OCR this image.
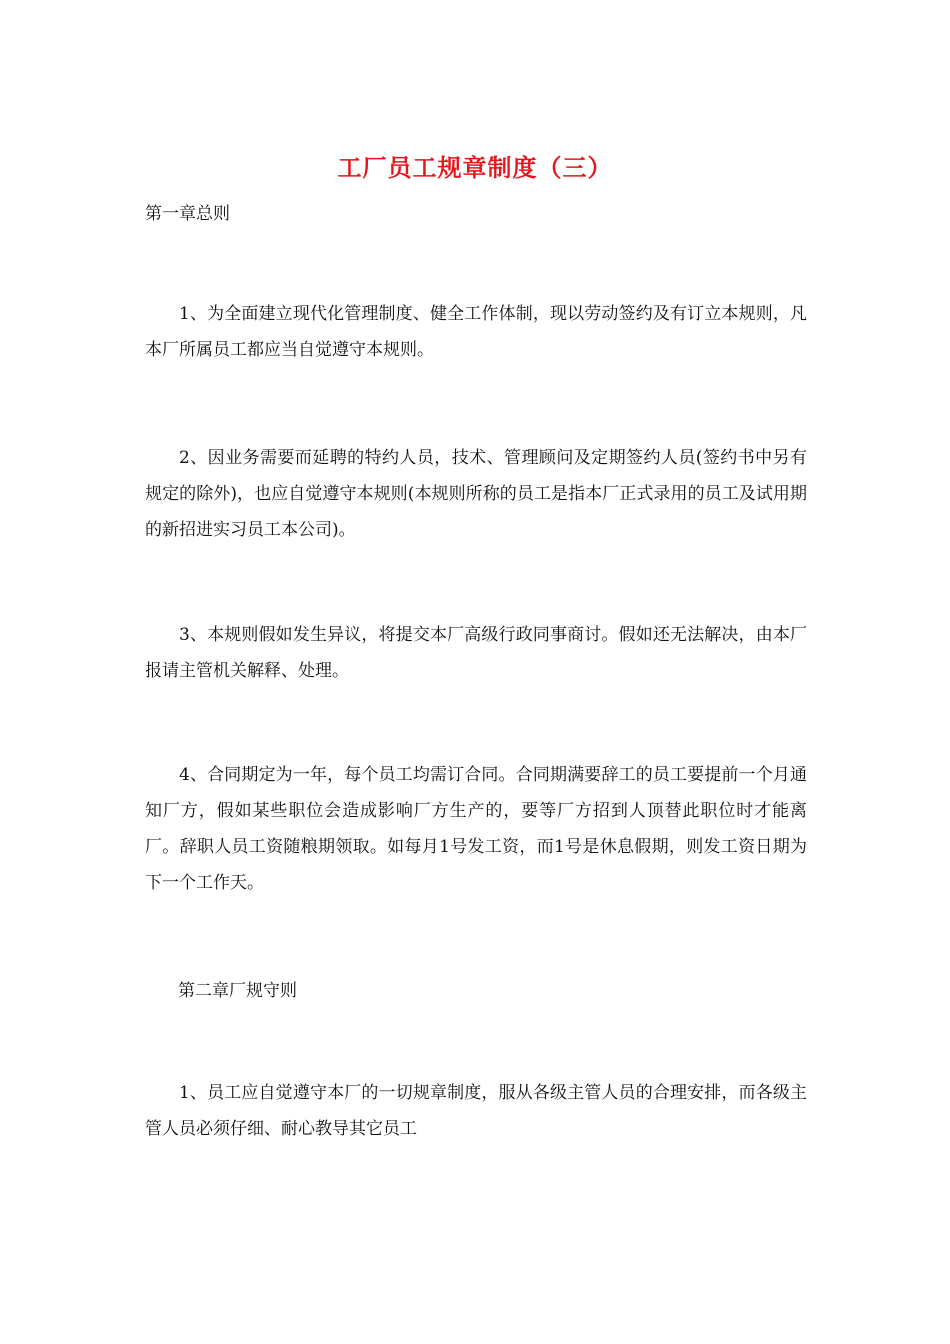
工厂员工规章制度（三）
第一章总则

1、为全面建立现代化管理制度、健全工作体制，现以劳动签约及有订立本规则，凡本厂所属员工都应当自觉遵守本规则。

2、因业务需要而延聘的特约人员，技术、管理顾问及定期签约人员(签约书中另有规定的除外)，也应自觉遵守本规则(本规则所称的员工是指本厂正式录用的员工及试用期的新招进实习员工本公司)。

3、本规则假如发生异议，将提交本厂高级行政同事商讨。假如还无法解决，由本厂报请主管机关解释、处理。

4、合同期定为一年，每个员工均需订合同。合同期满要辞工的员工要提前一个月通知厂方，假如某些职位会造成影响厂方生产的，要等厂方招到人顶替此职位时才能离厂。辞职人员工资随粮期领取。如每月1号发工资，而1号是休息假期，则发工资日期为下一个工作天。

第二章厂规守则

1、员工应自觉遵守本厂的一切规章制度，服从各级主管人员的合理安排，而各级主管人员必须仔细、耐心教导其它员工
